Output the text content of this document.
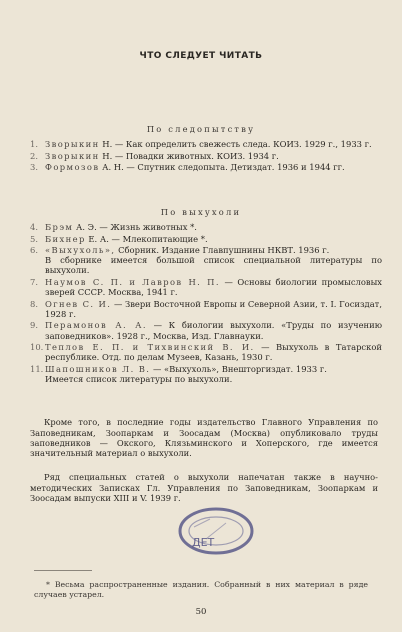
ЧТО СЛЕДУЕТ ЧИТАТЬ
По следопытству
1. Зворыкин Н. — Как определить свежесть следа. КОИЗ. 1929 г., 1933 г.
2. Зворыкин Н. — Повадки животных. КОИЗ. 1934 г.
3. Формозов А. Н. — Спутник следопыта. Детиздат. 1936 и 1944 гг.
По выхухоли
4. Брэм А. Э. — Жизнь животных *.
5. Бихнер Е. А. — Млекопитающие *.
6. «Выхухоль», Сборник. Издание Главпушнины НКВТ. 1936 г.
В сборнике имеется большой список специальной литературы по выхухоли.
7. Наумов С. П. и Лавров Н. П. — Основы биологии промысловых зверей СССР. Москва, 1941 г.
8. Огнев С. И. — Звери Восточной Европы и Северной Азии, т. I. Госиздат, 1928 г.
9. Перамонов А. А. — К биологии выхухоли. «Труды по изучению заповедников». 1928 г., Москва, Изд. Главнауки.
10. Теплов Е. П. и Тихвинский В. И. — Выхухоль в Татарской республике. Отд. по делам Музеев, Казань, 1930 г.
11. Шапошников Л. В. — «Выхухоль», Внешторгиздат. 1933 г.
Имеется список литературы по выхухоли.

Кроме того, в последние годы издательство Главного Управления по Заповедникам, Зоопаркам и Зоосадам (Москва) опубликовало труды заповедников — Окского, Клязьминского и Хоперского, где имеется значительный материал о выхухоли.

Ряд специальных статей о выхухоли напечатан также в научно-методических Записках Гл. Управления по Заповедникам, Зоопаркам и Зоосадам выпуски XIII и V. 1939 г.

ДЕТ
* Весьма распространенные издания. Собранный в них материал в ряде случаев устарел.
50
